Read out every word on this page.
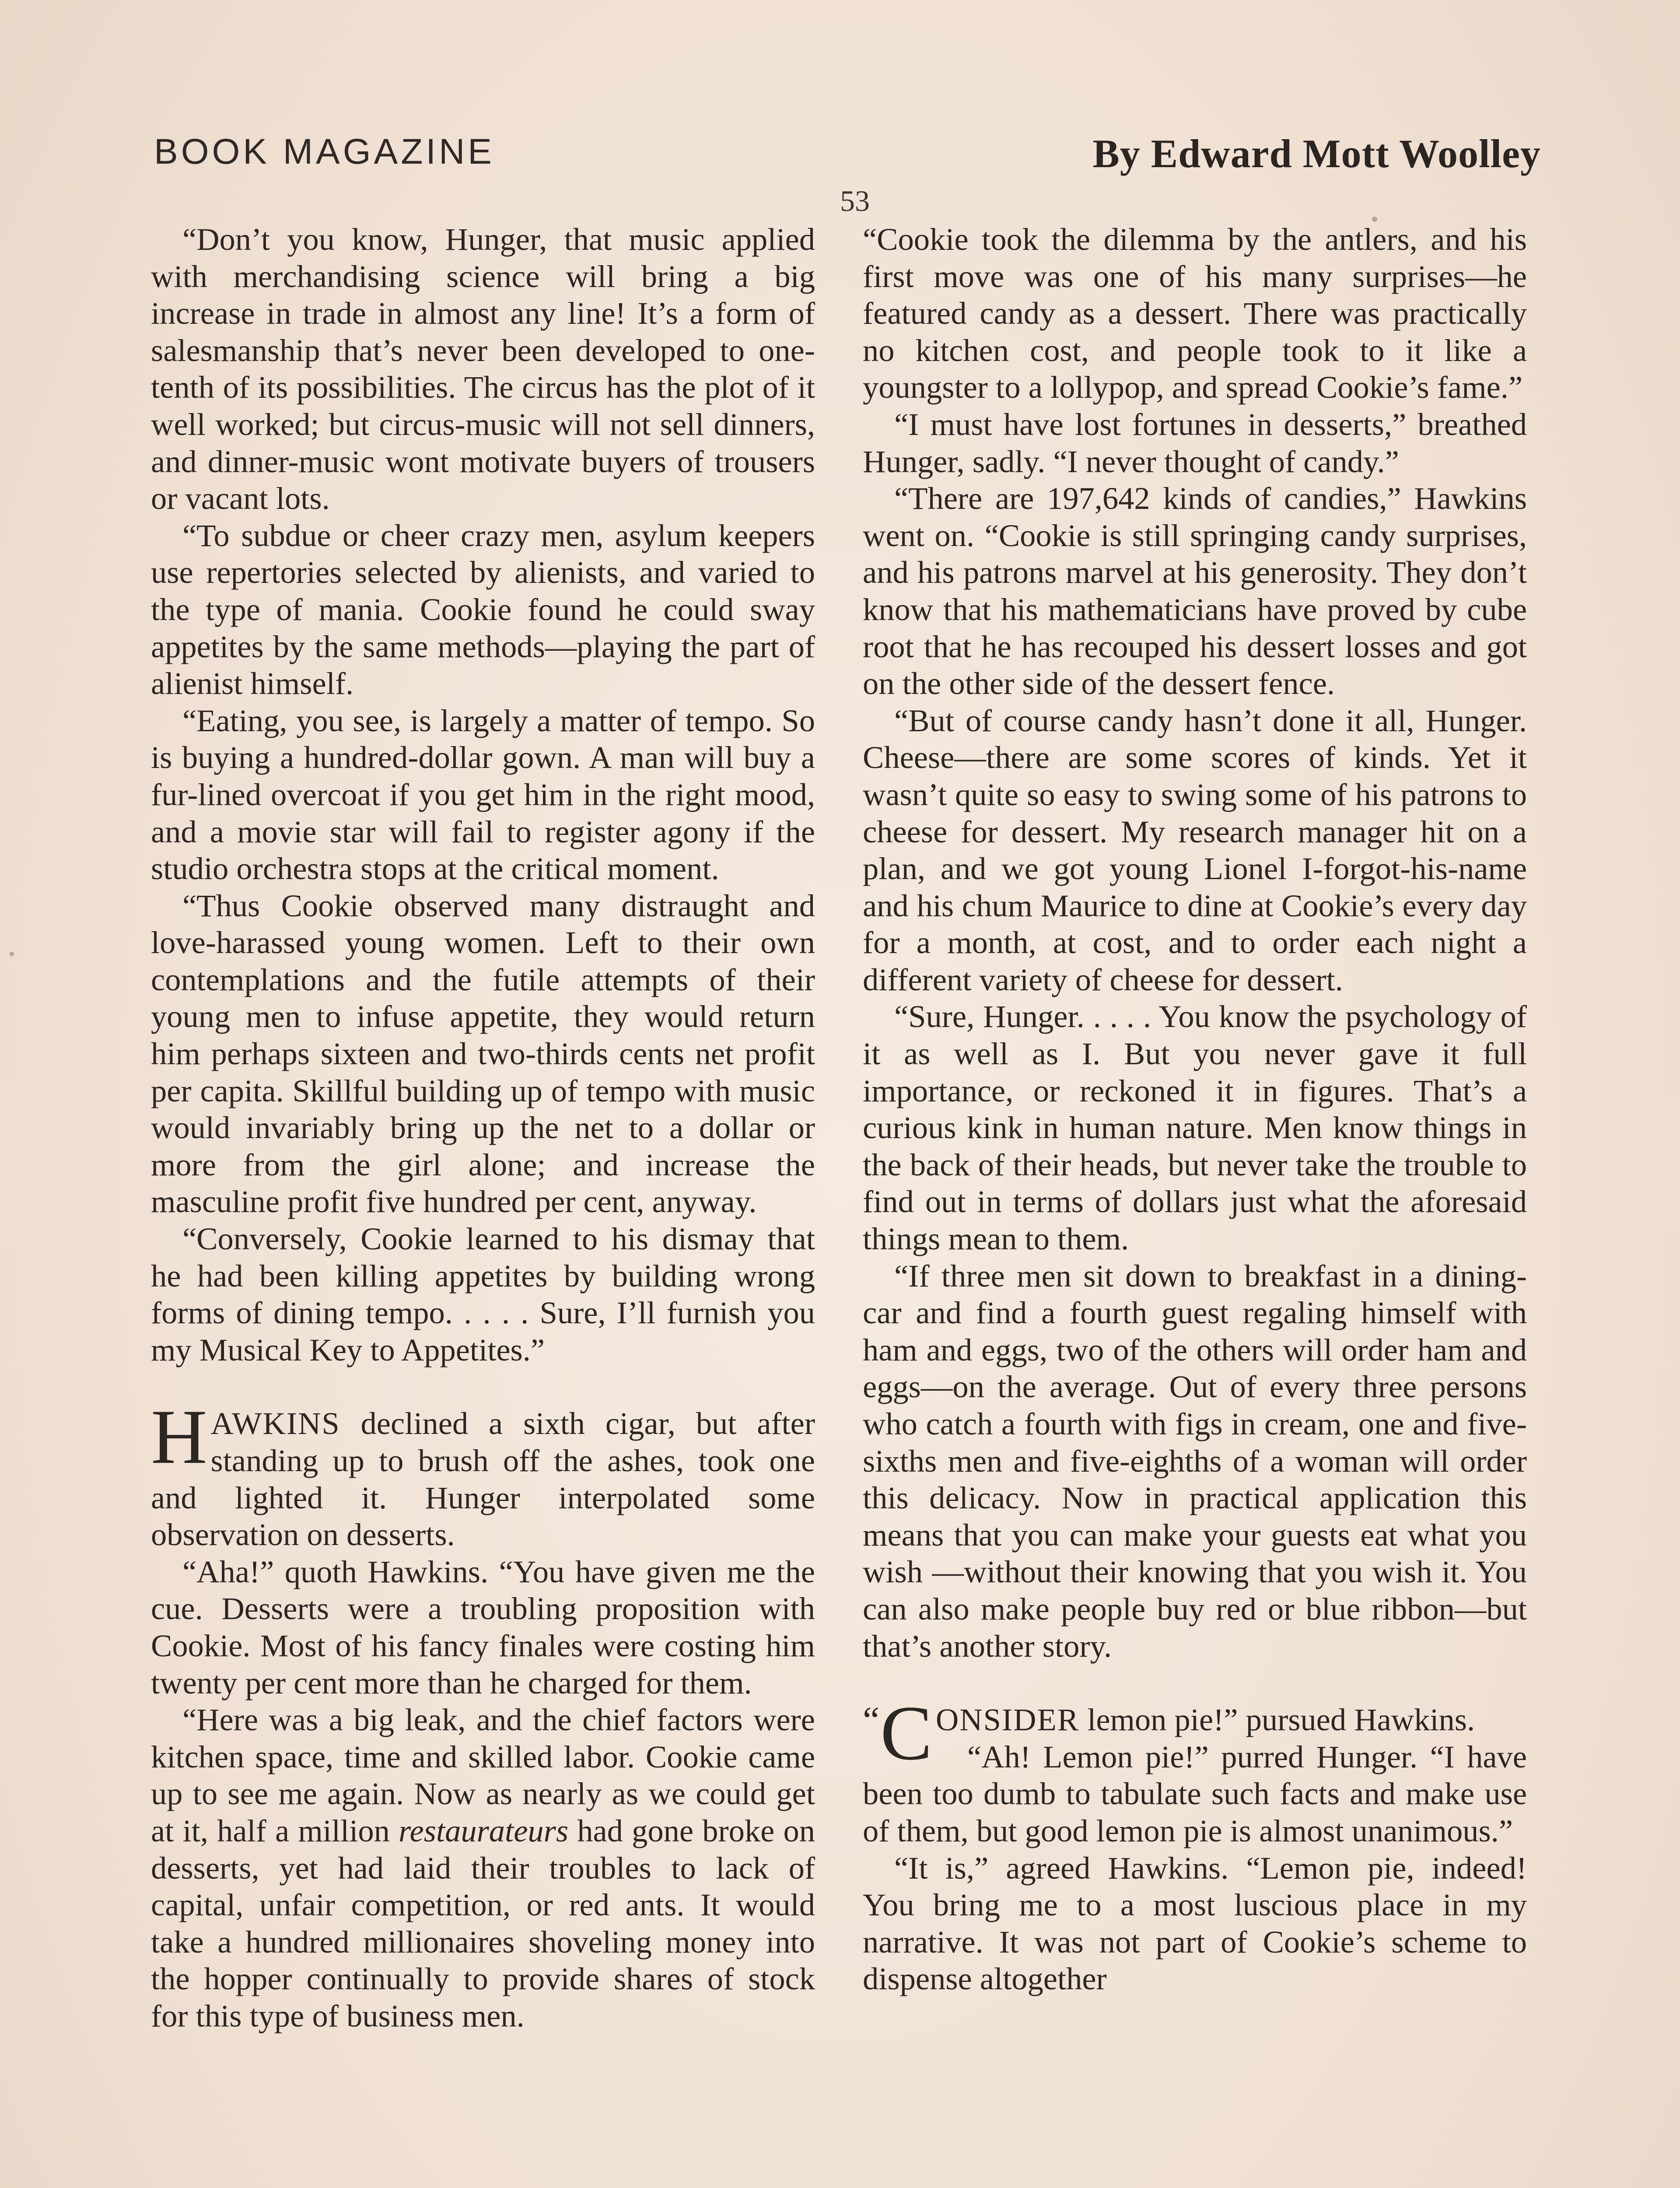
BOOK MAGAZINE	By Edward Mott Woolley
53

“Don’t you know, Hunger, that music applied with merchandising science will bring a big increase in trade in almost any line! It’s a form of salesmanship that’s never been developed to one-tenth of its possibilities. The circus has the plot of it well worked; but circus-music will not sell dinners, and dinner-music wont motivate buyers of trousers or vacant lots.

“To subdue or cheer crazy men, asylum keepers use repertories selected by alienists, and varied to the type of mania. Cookie found he could sway appetites by the same methods—playing the part of alienist himself.

“Eating, you see, is largely a matter of tempo. So is buying a hundred-dollar gown. A man will buy a fur-lined overcoat if you get him in the right mood, and a movie star will fail to register agony if the studio orchestra stops at the critical moment.

“Thus Cookie observed many distraught and love-harassed young women. Left to their own contemplations and the futile attempts of their young men to infuse appetite, they would return him perhaps sixteen and two-thirds cents net profit per capita. Skillful building up of tempo with music would invariably bring up the net to a dollar or more from the girl alone; and increase the masculine profit five hundred per cent, anyway.

“Conversely, Cookie learned to his dismay that he had been killing appetites by building wrong forms of dining tempo. . . . . Sure, I’ll furnish you my Musical Key to Appetites.”

HAWKINS declined a sixth cigar, but after standing up to brush off the ashes, took one and lighted it. Hunger interpolated some observation on desserts.

“Aha!” quoth Hawkins. “You have given me the cue. Desserts were a troubling proposition with Cookie. Most of his fancy finales were costing him twenty per cent more than he charged for them.

“Here was a big leak, and the chief factors were kitchen space, time and skilled labor. Cookie came up to see me again. Now as nearly as we could get at it, half a million restaurateurs had gone broke on desserts, yet had laid their troubles to lack of capital, unfair competition, or red ants. It would take a hundred millionaires shoveling money into the hopper continually to provide shares of stock for this type of business men.

“Cookie took the dilemma by the antlers, and his first move was one of his many surprises—he featured candy as a dessert. There was practically no kitchen cost, and people took to it like a youngster to a lollypop, and spread Cookie’s fame.”

“I must have lost fortunes in desserts,” breathed Hunger, sadly. “I never thought of candy.”

“There are 197,642 kinds of candies,” Hawkins went on. “Cookie is still springing candy surprises, and his patrons marvel at his generosity. They don’t know that his mathematicians have proved by cube root that he has recouped his dessert losses and got on the other side of the dessert fence.

“But of course candy hasn’t done it all, Hunger. Cheese—there are some scores of kinds. Yet it wasn’t quite so easy to swing some of his patrons to cheese for dessert. My research manager hit on a plan, and we got young Lionel I-forgot-his-name and his chum Maurice to dine at Cookie’s every day for a month, at cost, and to order each night a different variety of cheese for dessert.

“Sure, Hunger. . . . . You know the psychology of it as well as I. But you never gave it full importance, or reckoned it in figures. That’s a curious kink in human nature. Men know things in the back of their heads, but never take the trouble to find out in terms of dollars just what the aforesaid things mean to them.

“If three men sit down to breakfast in a dining-car and find a fourth guest regaling himself with ham and eggs, two of the others will order ham and eggs—on the average. Out of every three persons who catch a fourth with figs in cream, one and five-sixths men and five-eighths of a woman will order this delicacy. Now in practical application this means that you can make your guests eat what you wish —without their knowing that you wish it. You can also make people buy red or blue ribbon—but that’s another story.

“ C ONSIDER lemon pie!” pursued Hawkins.

“Ah! Lemon pie!” purred Hunger. “I have been too dumb to tabulate such facts and make use of them, but good lemon pie is almost unanimous.”

“It is,” agreed Hawkins. “Lemon pie, indeed! You bring me to a most luscious place in my narrative. It was not part of Cookie’s scheme to dispense altogether
